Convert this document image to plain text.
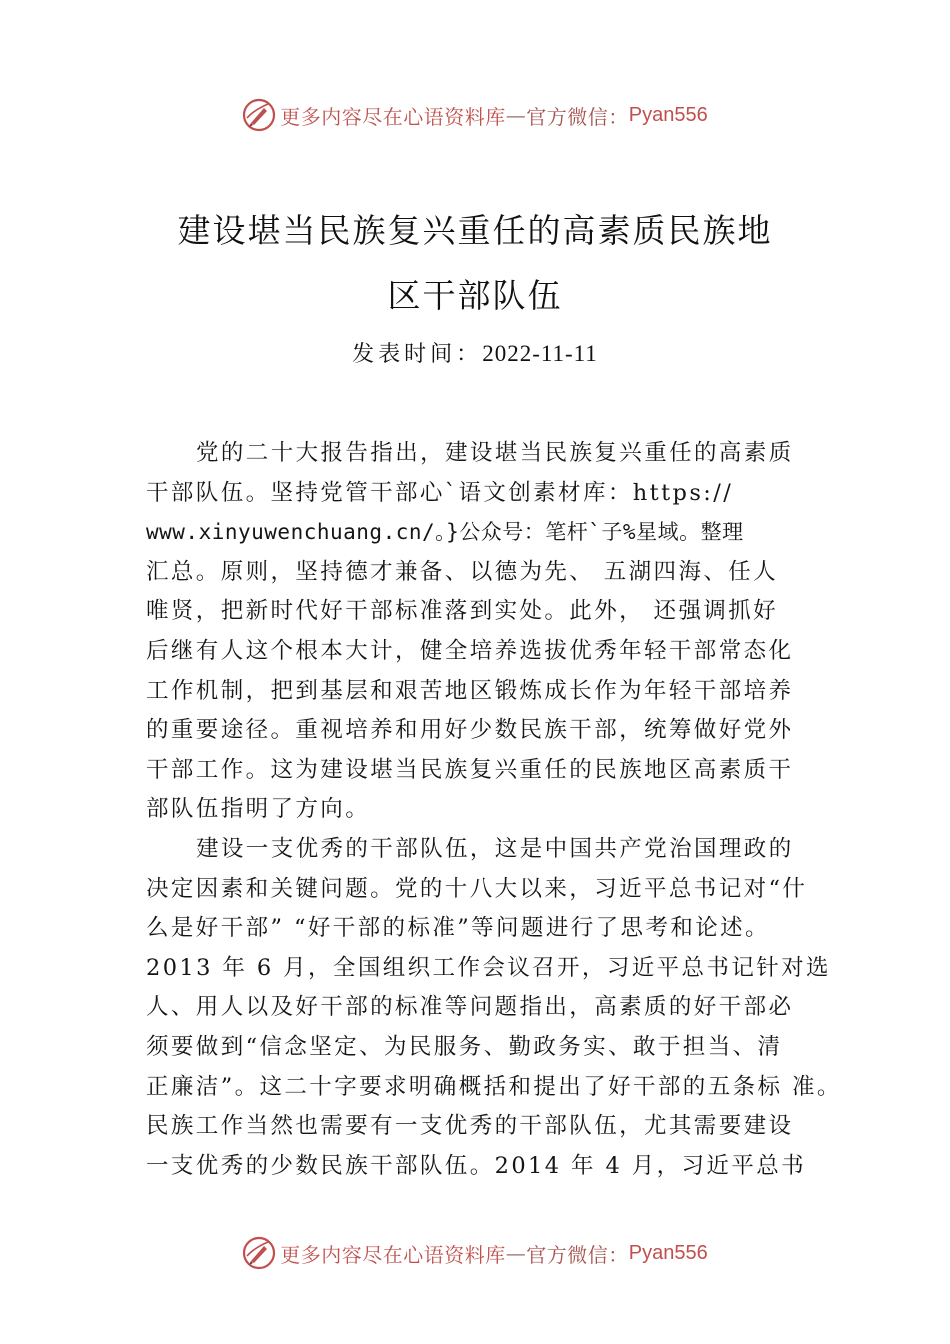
更多内容尽在心语资料库 — 官方微信： Pyan556
建设堪当民族复兴重任的高素质民族地
区干部队伍
发表时间：2022-11-11
党的二十大报告指出，建设堪当民族复兴重任的高素质
干部队伍。坚持党管干部心`语文创素材库：https://
www.xinyuwenchuang.cn/。}公众号：笔杆`子%星域。整理
汇总。原则，坚持德才兼备、以德为先、 五湖四海、任人
唯贤，把新时代好干部标准落到实处。此外， 还强调抓好
后继有人这个根本大计，健全培养选拔优秀年轻干部常态化
工作机制，把到基层和艰苦地区锻炼成长作为年轻干部培养
的重要途径。重视培养和用好少数民族干部，统筹做好党外
干部工作。这为建设堪当民族复兴重任的民族地区高素质干
部队伍指明了方向。
建设一支优秀的干部队伍，这是中国共产党治国理政的
决定因素和关键问题。党的十八大以来，习近平总书记对“什
么是好干部” “好干部的标准”等问题进行了思考和论述。
2013 年 6 月，全国组织工作会议召开，习近平总书记针对选
人、用人以及好干部的标准等问题指出，高素质的好干部必
须要做到“信念坚定、为民服务、勤政务实、敢于担当、清
正廉洁”。这二十字要求明确概括和提出了好干部的五条标 准。
民族工作当然也需要有一支优秀的干部队伍，尤其需要建设
一支优秀的少数民族干部队伍。2014 年 4 月，习近平总书
更多内容尽在心语资料库 — 官方微信： Pyan556
